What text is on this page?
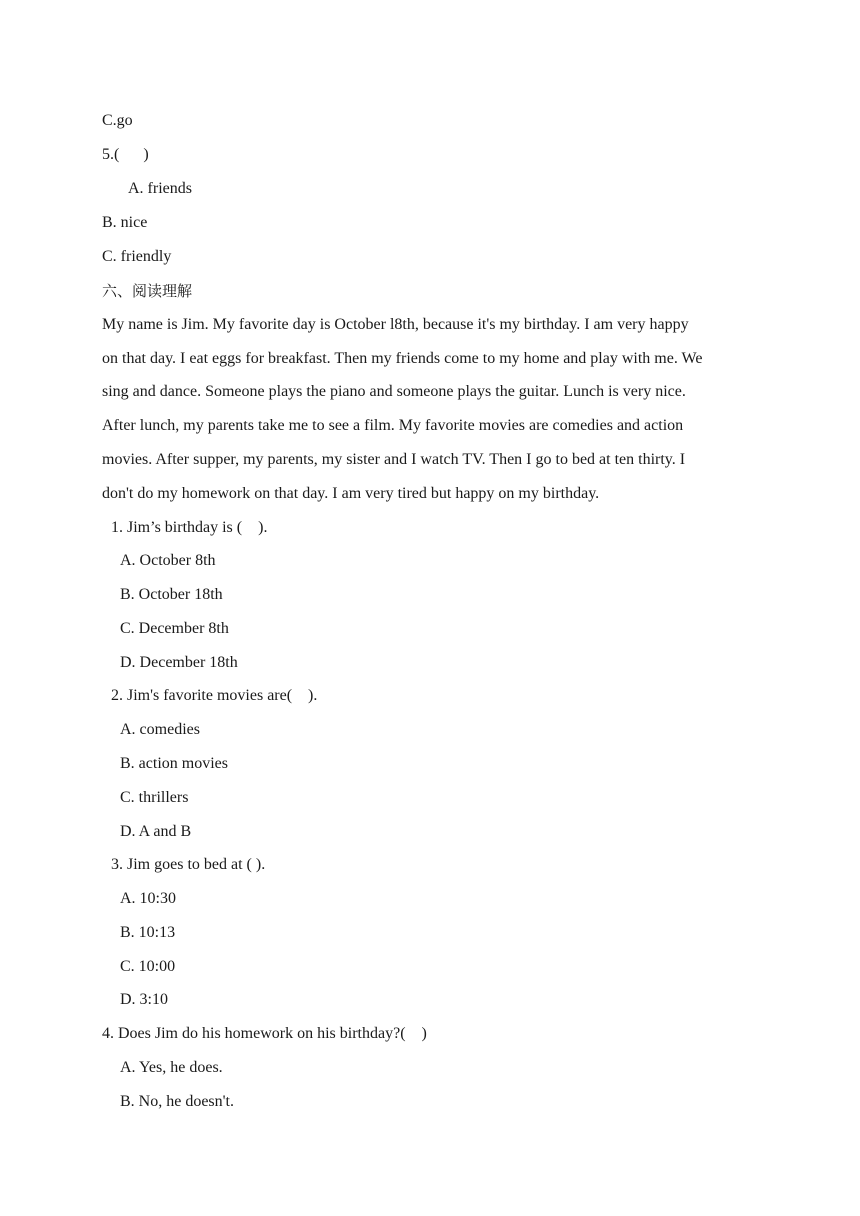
C.go
5.(      )
A. friends
B. nice
C. friendly
六、阅读理解
My name is Jim. My favorite day is October l8th, because it's my birthday. I am very happy
on that day. I eat eggs for breakfast. Then my friends come to my home and play with me. We
sing and dance. Someone plays the piano and someone plays the guitar. Lunch is very nice.
After lunch, my parents take me to see a film. My favorite movies are comedies and action
movies. After supper, my parents, my sister and I watch TV. Then I go to bed at ten thirty. I
don't do my homework on that day. I am very tired but happy on my birthday.
1. Jim’s birthday is (    ).
A. October 8th
B. October 18th
C. December 8th
D. December 18th
2. Jim's favorite movies are(    ).
A. comedies
B. action movies
C. thrillers
D. A and B
3. Jim goes to bed at ( ).
A. 10:30
B. 10:13
C. 10:00
D. 3:10
4. Does Jim do his homework on his birthday?(    )
A. Yes, he does.
B. No, he doesn't.
